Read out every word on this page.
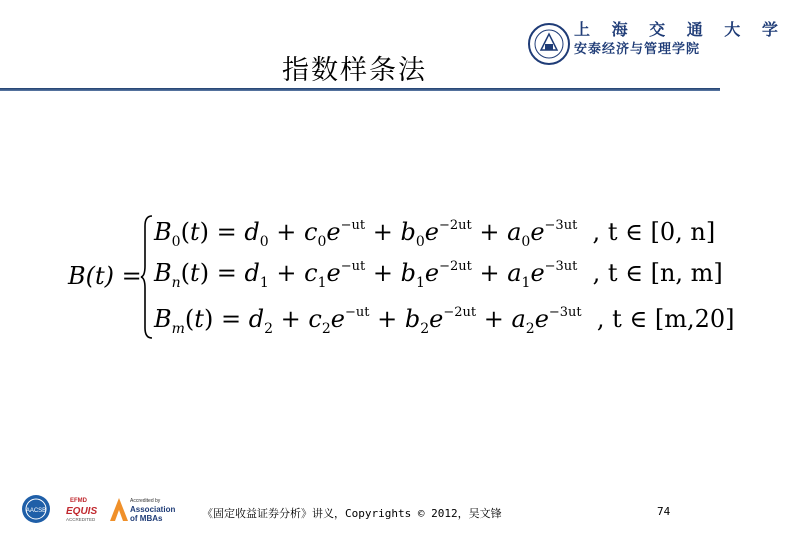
上 海 交 通 大 学
安泰经济与管理学院
指数样条法
B(t) =
$B_0(t) = d_0 + c_0e^{-ut} + b_0e^{-2ut} + a_0e^{-3ut}$  , t ∈ [0, n]
$B_n(t) = d_1 + c_1e^{-ut} + b_1e^{-2ut} + a_1e^{-3ut}$  , t ∈ [n, m]
$B_m(t) = d_2 + c_2e^{-ut} + b_2e^{-2ut} + a_2e^{-3ut}$  , t ∈ [m,20]
AACSB
EFMD
EQUIS
ACCREDITED
Accredited by
Association
of MBAs	《固定收益证券分析》讲义，Copyrights © 2012，吴文锋	74
